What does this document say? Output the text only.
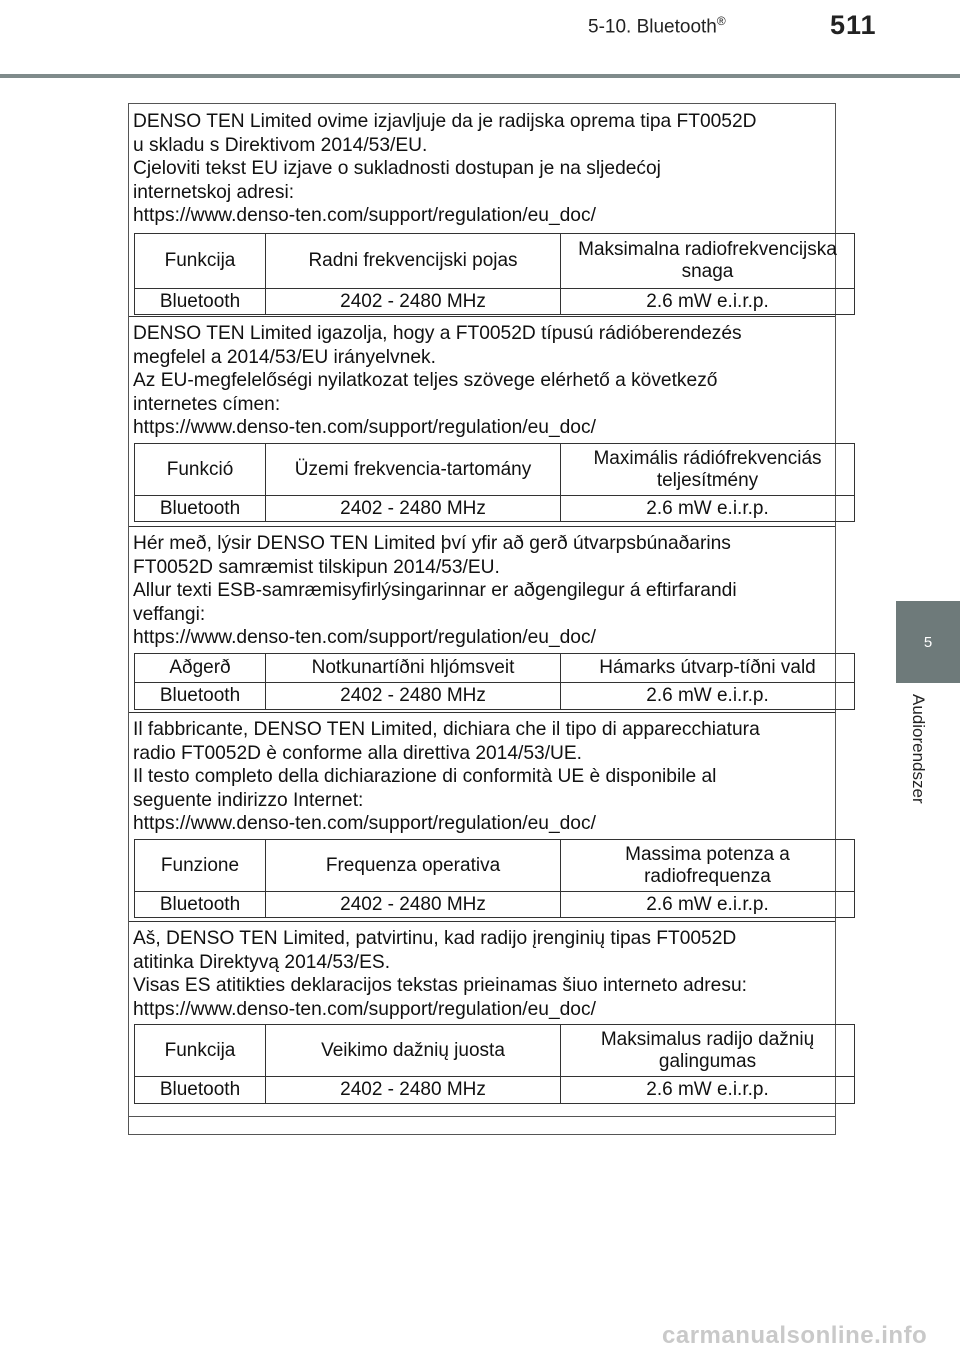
5-10. Bluetooth®	511
5
Audiorendszer
DENSO TEN Limited ovime izjavljuje da je radijska oprema tipa FT0052D
u skladu s Direktivom 2014/53/EU.
Cjeloviti tekst EU izjave o sukladnosti dostupan je na sljedećoj
internetskoj adresi:
https://www.denso-ten.com/support/regulation/eu_doc/
Funkcija	Radni frekvencijski pojas	Maksimalna radiofrekvencijska snaga
Bluetooth	2402 - 2480 MHz	2.6 mW e.i.r.p.
DENSO TEN Limited igazolja, hogy a FT0052D típusú rádióberendezés
megfelel a 2014/53/EU irányelvnek.
Az EU-megfelelőségi nyilatkozat teljes szövege elérhető a következő
internetes címen:
https://www.denso-ten.com/support/regulation/eu_doc/
Funkció	Üzemi frekvencia-tartomány	Maximális rádiófrekvenciás teljesítmény
Bluetooth	2402 - 2480 MHz	2.6 mW e.i.r.p.
Hér með, lýsir DENSO TEN Limited því yfir að gerð útvarpsbúnaðarins
FT0052D samræmist tilskipun 2014/53/EU.
Allur texti ESB-samræmisyfirlýsingarinnar er aðgengilegur á eftirfarandi
veffangi:
https://www.denso-ten.com/support/regulation/eu_doc/
Aðgerð	Notkunartíðni hljómsveit	Hámarks útvarp-tíðni vald
Bluetooth	2402 - 2480 MHz	2.6 mW e.i.r.p.
Il fabbricante, DENSO TEN Limited, dichiara che il tipo di apparecchiatura
radio FT0052D è conforme alla direttiva 2014/53/UE.
Il testo completo della dichiarazione di conformità UE è disponibile al
seguente indirizzo Internet:
https://www.denso-ten.com/support/regulation/eu_doc/
Funzione	Frequenza operativa	Massima potenza a radiofrequenza
Bluetooth	2402 - 2480 MHz	2.6 mW e.i.r.p.
Aš, DENSO TEN Limited, patvirtinu, kad radijo įrenginių tipas FT0052D
atitinka Direktyvą 2014/53/ES.
Visas ES atitikties deklaracijos tekstas prieinamas šiuo interneto adresu:
https://www.denso-ten.com/support/regulation/eu_doc/
Funkcija	Veikimo dažnių juosta	Maksimalus radijo dažnių galingumas
Bluetooth	2402 - 2480 MHz	2.6 mW e.i.r.p.
carmanualsonline.info
